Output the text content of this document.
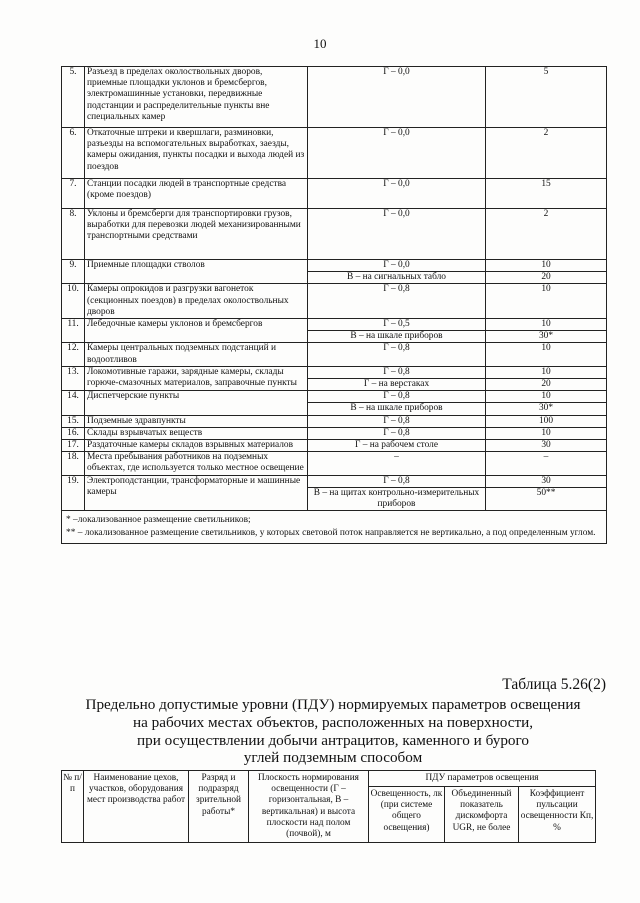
10
5.	Разъезд в пределах околоствольных дворов, приемные площадки уклонов и бремсбергов, электромашинные установки, передвижные подстанции и распределительные пункты вне специальных камер	Г – 0,0	5
6.	Откаточные штреки и квершлаги, разминовки, разъезды на вспомогательных выработках, заезды, камеры ожидания, пункты посадки и выхода людей из поездов	Г – 0,0	2
7.	Станции посадки людей в транспортные средства (кроме поездов)	Г – 0,0	15
8.	Уклоны и бремсберги для транспортировки грузов, выработки для перевозки людей механизированными транспортными средствами	Г – 0,0	2
9.	Приемные площадки стволов	Г – 0,0	10
		В – на сигнальных табло	20
10.	Камеры опрокидов и разгрузки вагонеток (секционных поездов) в пределах околоствольных дворов	Г – 0,8	10
11.	Лебедочные камеры уклонов и бремсбергов	Г – 0,5	10
		В – на шкале приборов	30*
12.	Камеры центральных подземных подстанций и водоотливов	Г – 0,8	10
13.	Локомотивные гаражи, зарядные камеры, склады горюче-смазочных материалов, заправочные пункты	Г – 0,8	10
		Г – на верстаках	20
14.	Диспетчерские пункты	Г – 0,8	10
		В – на шкале приборов	30*
15.	Подземные здравпункты	Г – 0,8	100
16.	Склады взрывчатых веществ	Г – 0,8	10
17.	Раздаточные камеры складов взрывных материалов	Г – на рабочем столе	30
18.	Места пребывания работников на подземных объектах, где используется только местное освещение	–	–
19.	Электроподстанции, трансформаторные и машинные камеры	Г – 0,8	30
		В – на щитах контрольно-измерительных приборов	50**

* –локализованное размещение светильников;
** – локализованное размещение светильников, у которых световой поток направляется не вертикально, а под определенным углом.			
Таблица 5.26(2)
Предельно допустимые уровни (ПДУ) нормируемых параметров освещения
на рабочих местах объектов, расположенных на поверхности,
при осуществлении добычи антрацитов, каменного и бурого
углей подземным способом
№ п/п	Наименование цехов, участков, оборудования мест производства работ	Разряд и подразряд зрительной работы*	Плоскость нормирования освещенности (Г – горизонтальная, В – вертикальная) и высота плоскости над полом (почвой), м	ПДУ параметров освещения		
				Освещенность, лк (при системе общего освещения)	Объединенный показатель дискомфорта UGR, не более	Коэффициент пульсации освещенности Кп, %
